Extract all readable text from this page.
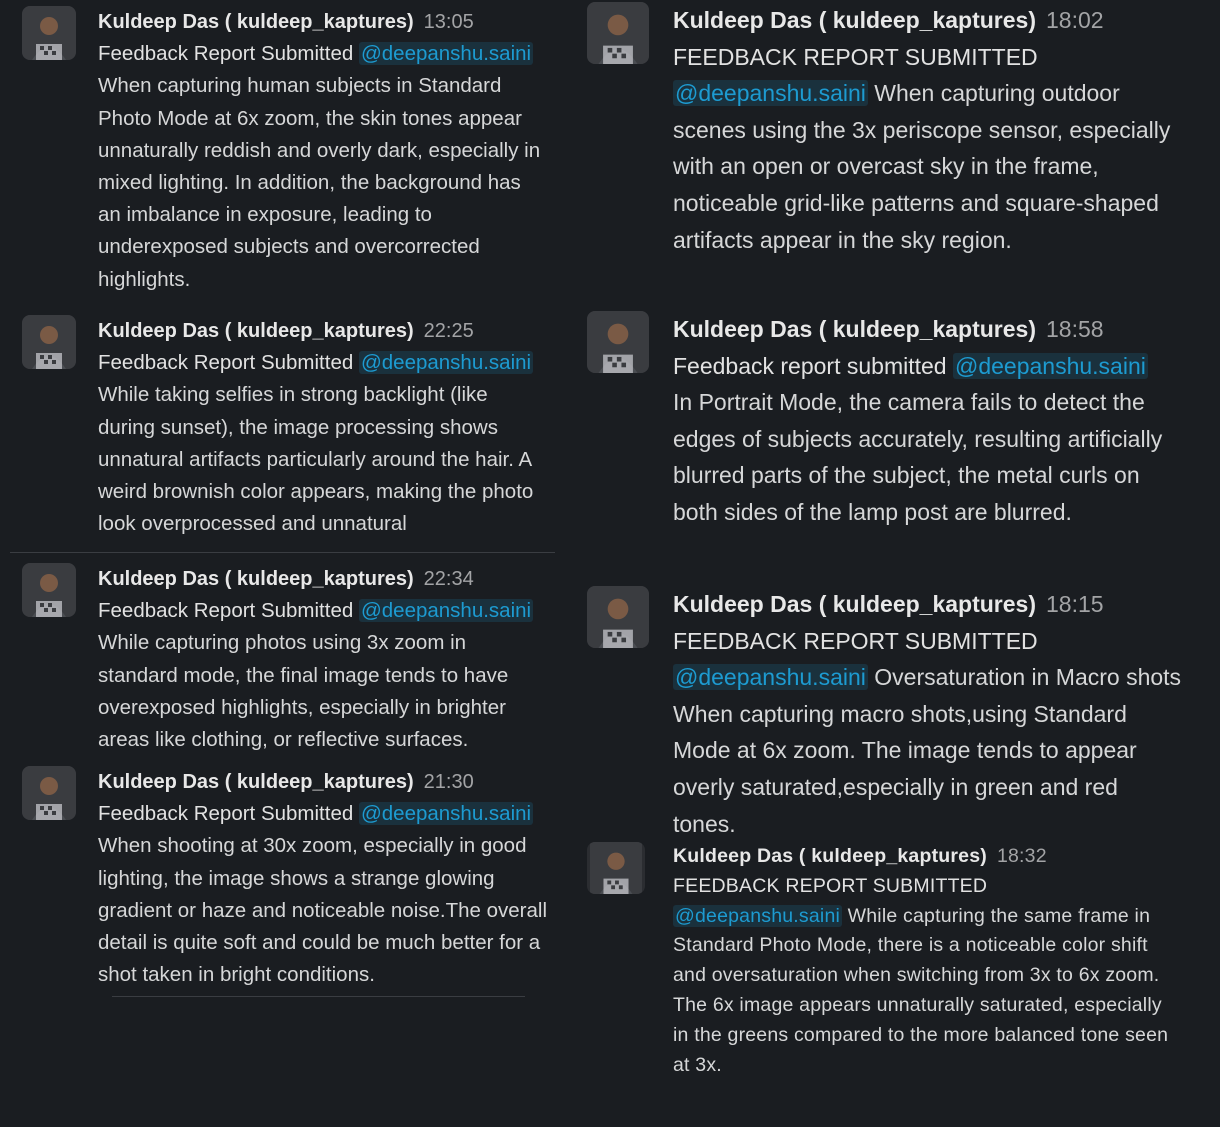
Kuldeep Das ( kuldeep_kaptures) 13:05
Feedback Report Submitted @deepanshu.saini
When capturing human subjects in Standard Photo Mode at 6x zoom, the skin tones appear unnaturally reddish and overly dark, especially in mixed lighting. In addition, the background has an imbalance in exposure, leading to underexposed subjects and overcorrected highlights.
Kuldeep Das ( kuldeep_kaptures) 22:25
Feedback Report Submitted @deepanshu.saini
While taking selfies in strong backlight (like during sunset), the image processing shows unnatural artifacts particularly around the hair. A weird brownish color appears, making the photo look overprocessed and unnatural
Kuldeep Das ( kuldeep_kaptures) 22:34
Feedback Report Submitted @deepanshu.saini
While capturing photos using 3x zoom in standard mode, the final image tends to have overexposed highlights, especially in brighter areas like clothing, or reflective surfaces.
Kuldeep Das ( kuldeep_kaptures) 21:30
Feedback Report Submitted @deepanshu.saini
When shooting at 30x zoom, especially in good lighting, the image shows a strange glowing gradient or haze and noticeable noise.The overall detail is quite soft and could be much better for a shot taken in bright conditions.
Kuldeep Das ( kuldeep_kaptures) 18:02
FEEDBACK REPORT SUBMITTED
@deepanshu.saini When capturing outdoor scenes using the 3x periscope sensor, especially with an open or overcast sky in the frame, noticeable grid-like patterns and square-shaped artifacts appear in the sky region.
Kuldeep Das ( kuldeep_kaptures) 18:58
Feedback report submitted @deepanshu.saini
In Portrait Mode, the camera fails to detect the edges of subjects accurately, resulting artificially blurred parts of the subject, the metal curls on both sides of the lamp post are blurred.
Kuldeep Das ( kuldeep_kaptures) 18:15
FEEDBACK REPORT SUBMITTED
@deepanshu.saini Oversaturation in Macro shots When capturing macro shots,using Standard Mode at 6x zoom. The image tends to appear overly saturated,especially in green and red tones.
Kuldeep Das ( kuldeep_kaptures) 18:32
FEEDBACK REPORT SUBMITTED
@deepanshu.saini While capturing the same frame in Standard Photo Mode, there is a noticeable color shift and oversaturation when switching from 3x to 6x zoom. The 6x image appears unnaturally saturated, especially in the greens compared to the more balanced tone seen at 3x.
